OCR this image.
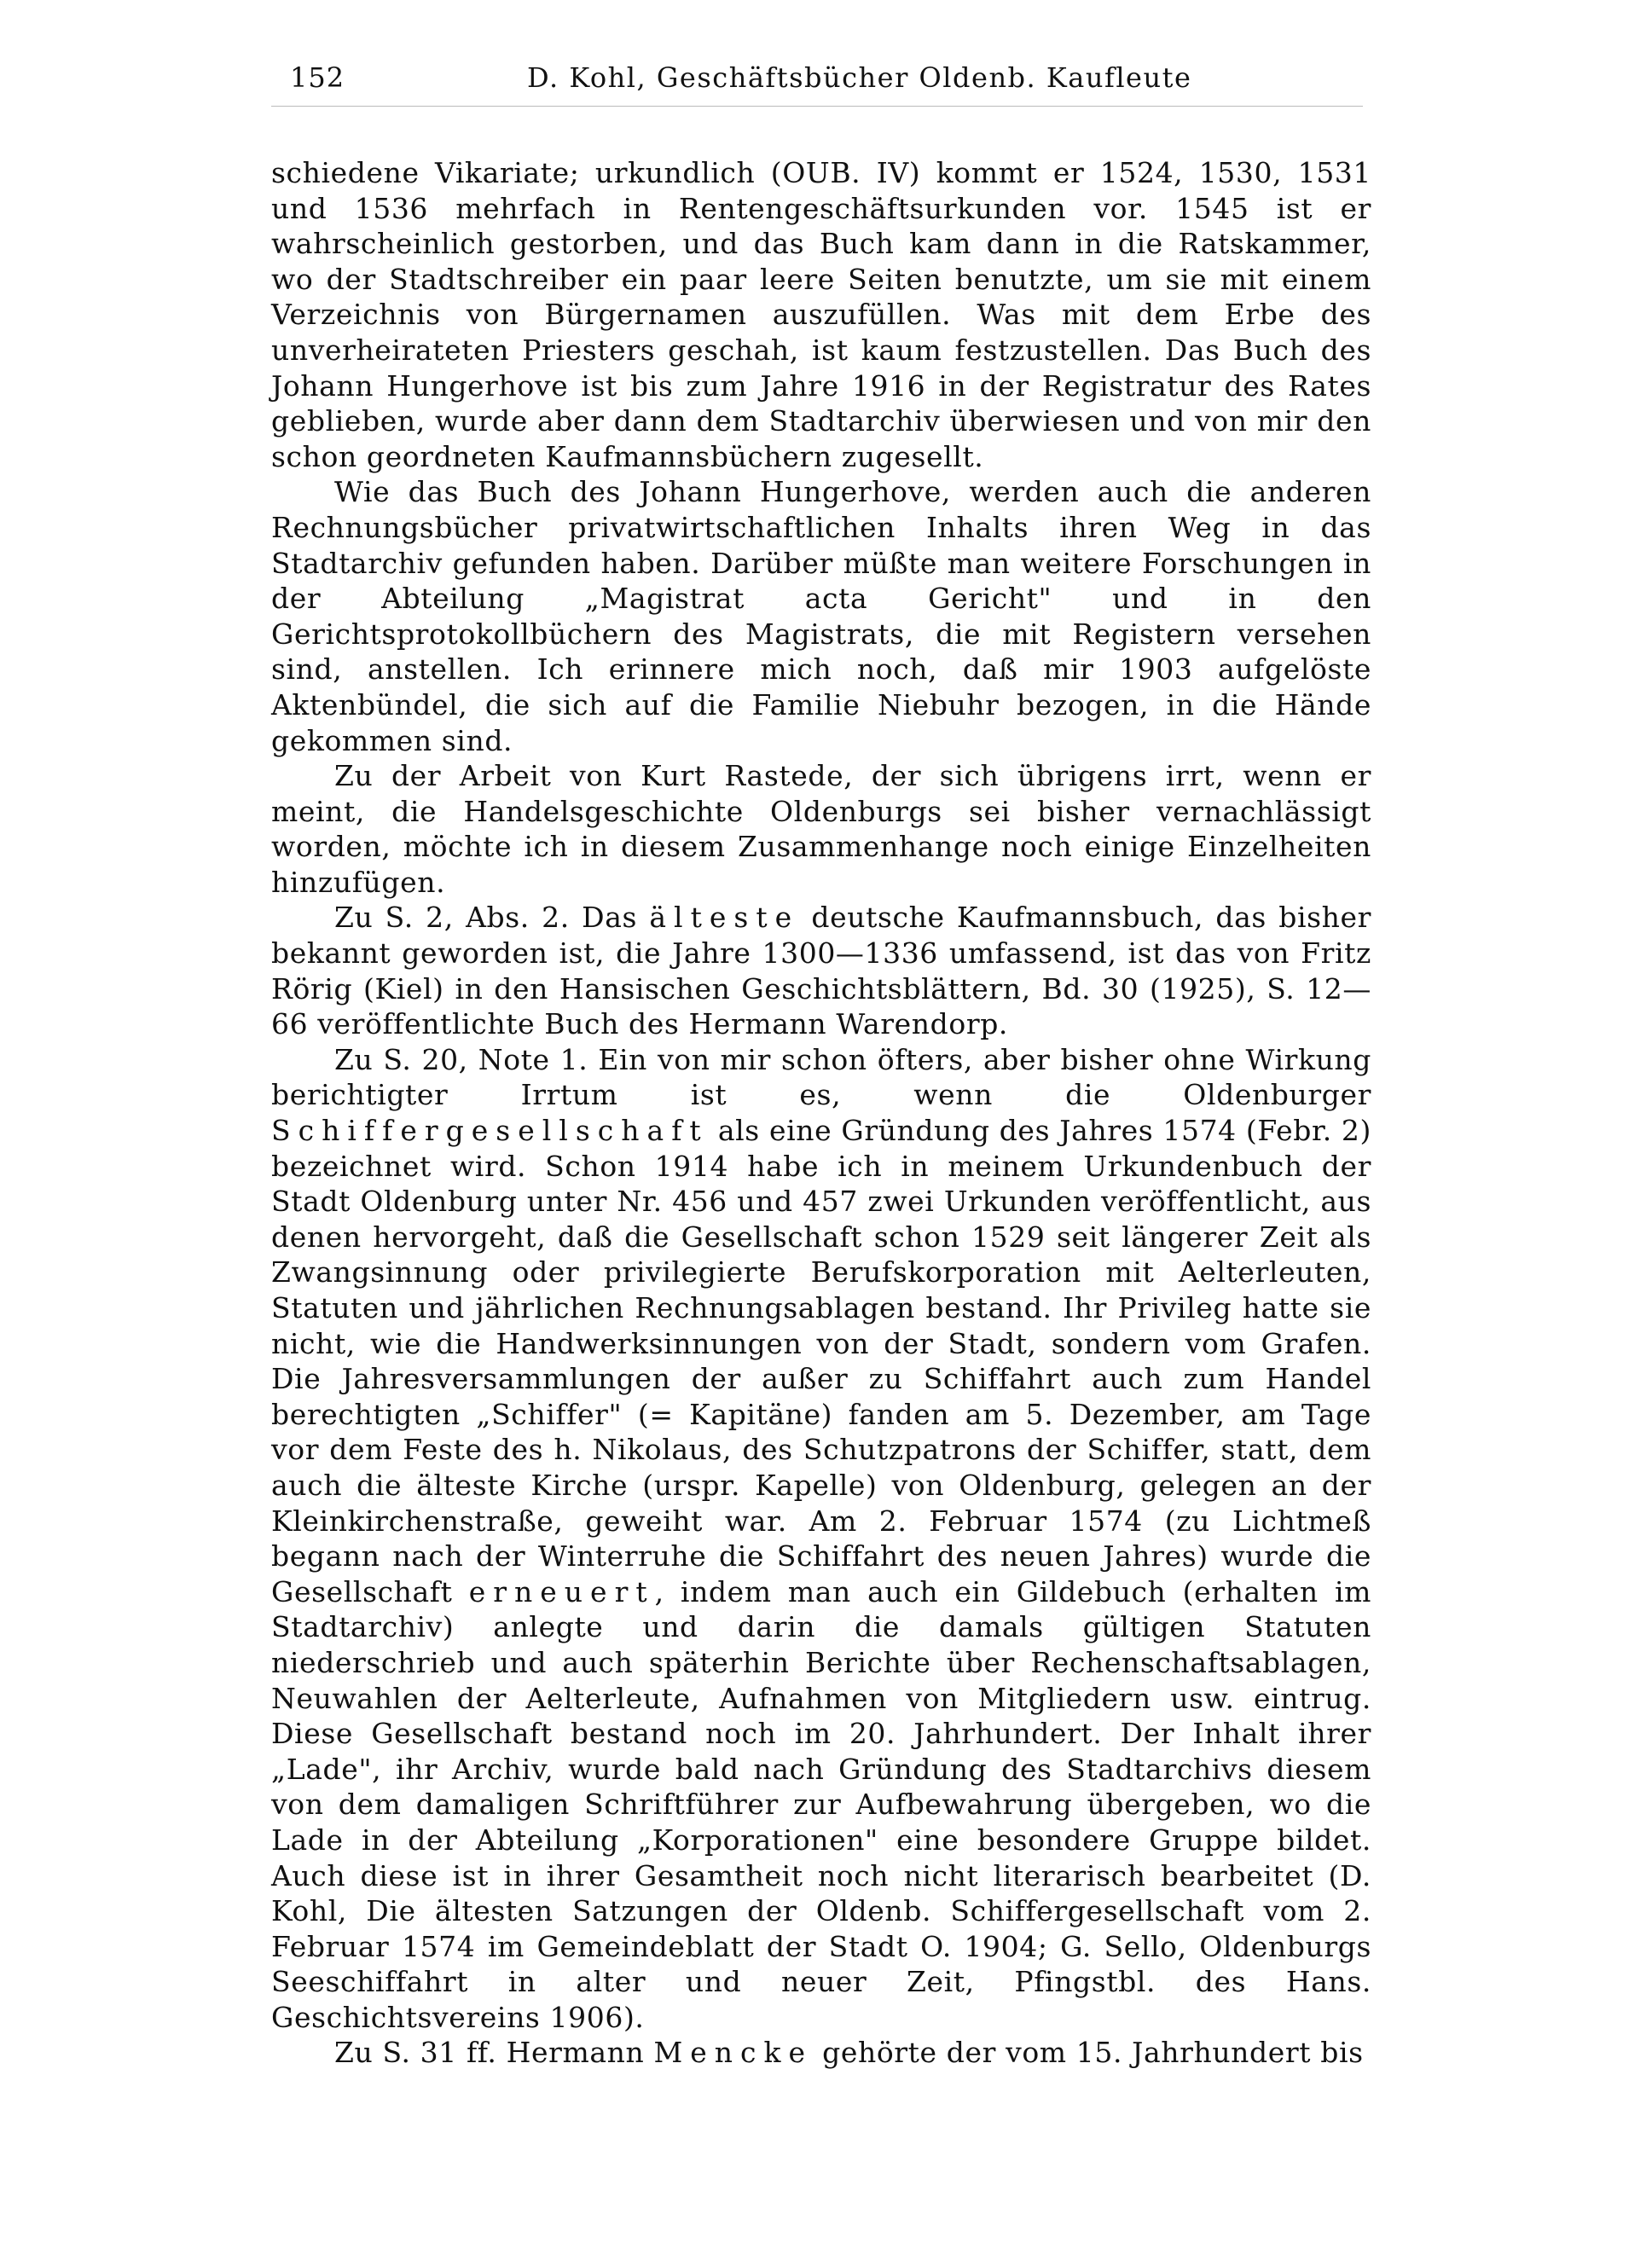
152	D. Kohl, Geschäftsbücher Oldenb. Kaufleute

schiedene Vikariate; urkundlich (OUB. IV) kommt er 1524, 1530, 1531 und 1536 mehrfach in Rentengeschäftsurkunden vor. 1545 ist er wahrscheinlich gestorben, und das Buch kam dann in die Ratskammer, wo der Stadtschreiber ein paar leere Seiten benutzte, um sie mit einem Verzeichnis von Bürgernamen auszufüllen. Was mit dem Erbe des unverheirateten Priesters geschah, ist kaum festzustellen. Das Buch des Johann Hungerhove ist bis zum Jahre 1916 in der Registratur des Rates geblieben, wurde aber dann dem Stadtarchiv überwiesen und von mir den schon geordneten Kaufmannsbüchern zugesellt.

Wie das Buch des Johann Hungerhove, werden auch die anderen Rechnungsbücher privatwirtschaftlichen Inhalts ihren Weg in das Stadtarchiv gefunden haben. Darüber müßte man weitere Forschungen in der Abteilung „Magistrat acta Gericht" und in den Gerichtsprotokollbüchern des Magistrats, die mit Registern versehen sind, anstellen. Ich erinnere mich noch, daß mir 1903 aufgelöste Aktenbündel, die sich auf die Familie Niebuhr bezogen, in die Hände gekommen sind.

Zu der Arbeit von Kurt Rastede, der sich übrigens irrt, wenn er meint, die Handelsgeschichte Oldenburgs sei bisher vernachlässigt worden, möchte ich in diesem Zusammenhange noch einige Einzelheiten hinzufügen.

Zu S. 2, Abs. 2. Das älteste deutsche Kaufmannsbuch, das bisher bekannt geworden ist, die Jahre 1300—1336 umfassend, ist das von Fritz Rörig (Kiel) in den Hansischen Geschichtsblättern, Bd. 30 (1925), S. 12—66 veröffentlichte Buch des Hermann Warendorp.

Zu S. 20, Note 1. Ein von mir schon öfters, aber bisher ohne Wirkung berichtigter Irrtum ist es, wenn die Oldenburger Schiffergesellschaft als eine Gründung des Jahres 1574 (Febr. 2) bezeichnet wird. Schon 1914 habe ich in meinem Urkundenbuch der Stadt Oldenburg unter Nr. 456 und 457 zwei Urkunden veröffentlicht, aus denen hervorgeht, daß die Gesellschaft schon 1529 seit längerer Zeit als Zwangsinnung oder privilegierte Berufskorporation mit Aelterleuten, Statuten und jährlichen Rechnungsablagen bestand. Ihr Privileg hatte sie nicht, wie die Handwerksinnungen von der Stadt, sondern vom Grafen. Die Jahresversammlungen der außer zu Schiffahrt auch zum Handel berechtigten „Schiffer" (= Kapitäne) fanden am 5. Dezember, am Tage vor dem Feste des h. Nikolaus, des Schutzpatrons der Schiffer, statt, dem auch die älteste Kirche (urspr. Kapelle) von Oldenburg, gelegen an der Kleinkirchenstraße, geweiht war. Am 2. Februar 1574 (zu Lichtmeß begann nach der Winterruhe die Schiffahrt des neuen Jahres) wurde die Gesellschaft erneuert, indem man auch ein Gildebuch (erhalten im Stadtarchiv) anlegte und darin die damals gültigen Statuten niederschrieb und auch späterhin Berichte über Rechenschaftsablagen, Neuwahlen der Aelterleute, Aufnahmen von Mitgliedern usw. eintrug. Diese Gesellschaft bestand noch im 20. Jahrhundert. Der Inhalt ihrer „Lade", ihr Archiv, wurde bald nach Gründung des Stadtarchivs diesem von dem damaligen Schriftführer zur Aufbewahrung übergeben, wo die Lade in der Abteilung „Korporationen" eine besondere Gruppe bildet. Auch diese ist in ihrer Gesamtheit noch nicht literarisch bearbeitet (D. Kohl, Die ältesten Satzungen der Oldenb. Schiffergesellschaft vom 2. Februar 1574 im Gemeindeblatt der Stadt O. 1904; G. Sello, Oldenburgs Seeschiffahrt in alter und neuer Zeit, Pfingstbl. des Hans. Geschichtsvereins 1906).

Zu S. 31 ff. Hermann Mencke gehörte der vom 15. Jahrhundert bis
